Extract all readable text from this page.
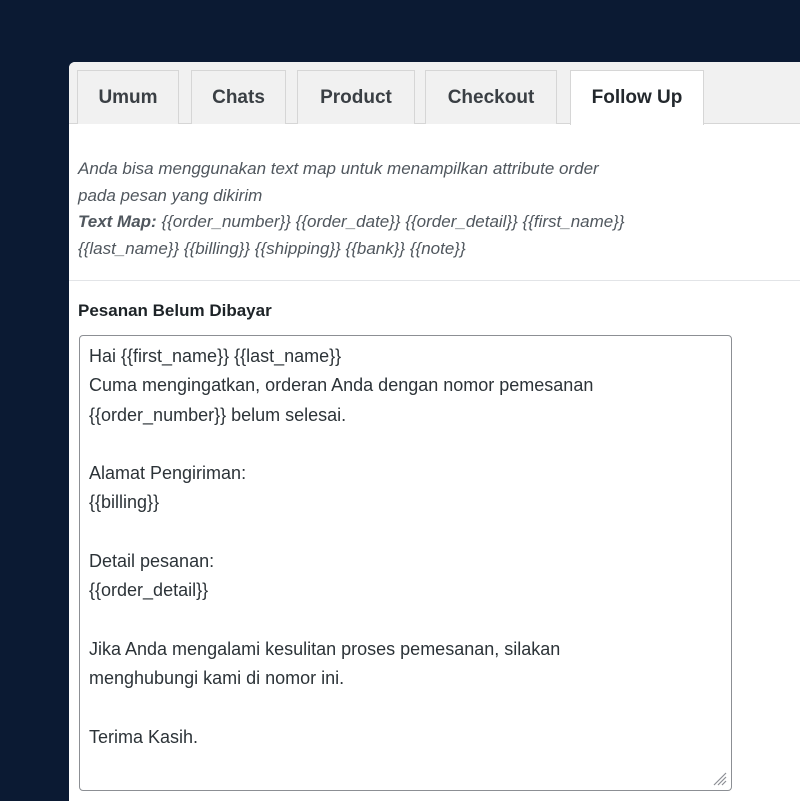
Umum	Chats	Product	Checkout	Follow Up
Anda bisa menggunakan text map untuk menampilkan attribute order
pada pesan yang dikirim
Text Map: {{order_number}} {{order_date}} {{order_detail}} {{first_name}}
{{last_name}} {{billing}} {{shipping}} {{bank}} {{note}}
Pesanan Belum Dibayar
Hai {{first_name}} {{last_name}} Cuma mengingatkan, orderan Anda dengan nomor pemesanan {{order_number}} belum selesai. Alamat Pengiriman: {{billing}} Detail pesanan: {{order_detail}} Jika Anda mengalami kesulitan proses pemesanan, silakan menghubungi kami di nomor ini. Terima Kasih.
